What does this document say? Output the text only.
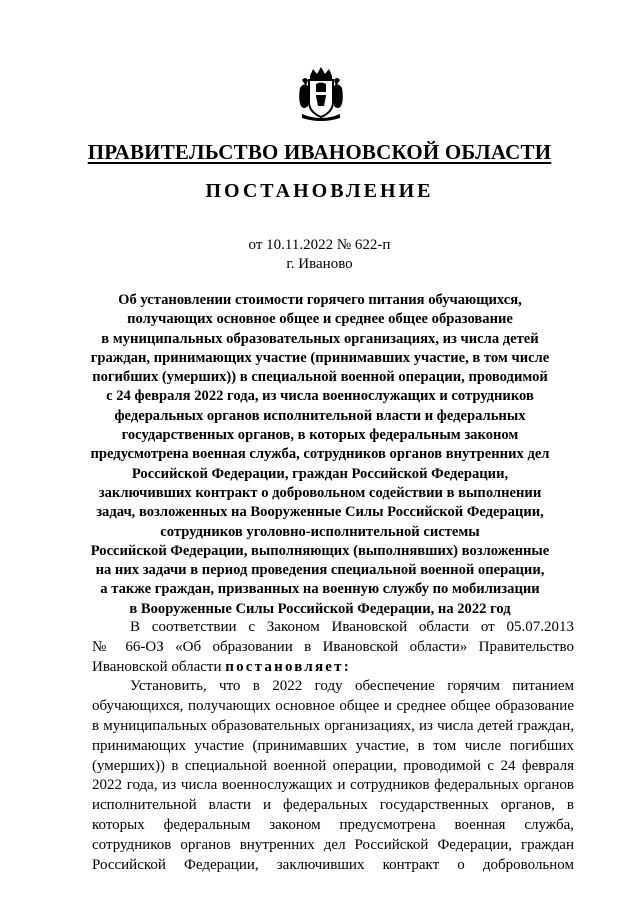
ПРАВИТЕЛЬСТВО ИВАНОВСКОЙ ОБЛАСТИ
ПОСТАНОВЛЕНИЕ
от 10.11.2022 № 622-п
г. Иваново
Об установлении стоимости горячего питания обучающихся,
получающих основное общее и среднее общее образование
в муниципальных образовательных организациях, из числа детей
граждан, принимающих участие (принимавших участие, в том числе
погибших (умерших)) в специальной военной операции, проводимой
с 24 февраля 2022 года, из числа военнослужащих и сотрудников
федеральных органов исполнительной власти и федеральных
государственных органов, в которых федеральным законом
предусмотрена военная служба, сотрудников органов внутренних дел
Российской Федерации, граждан Российской Федерации,
заключивших контракт о добровольном содействии в выполнении
задач, возложенных на Вооруженные Силы Российской Федерации,
сотрудников уголовно-исполнительной системы
Российской Федерации, выполняющих (выполнявших) возложенные
на них задачи в период проведения специальной военной операции,
а также граждан, призванных на военную службу по мобилизации
в Вооруженные Силы Российской Федерации, на 2022 год
В соответствии с Законом Ивановской области от 05.07.2013
№ 66-ОЗ «Об образовании в Ивановской области» Правительство
Ивановской области постановляет:
Установить, что в 2022 году обеспечение горячим питанием
обучающихся, получающих основное общее и среднее общее образование
в муниципальных образовательных организациях, из числа детей граждан,
принимающих участие (принимавших участие, в том числе погибших
(умерших)) в специальной военной операции, проводимой с 24 февраля
2022 года, из числа военнослужащих и сотрудников федеральных органов
исполнительной власти и федеральных государственных органов, в
которых федеральным законом предусмотрена военная служба,
сотрудников органов внутренних дел Российской Федерации, граждан
Российской Федерации, заключивших контракт о добровольном
